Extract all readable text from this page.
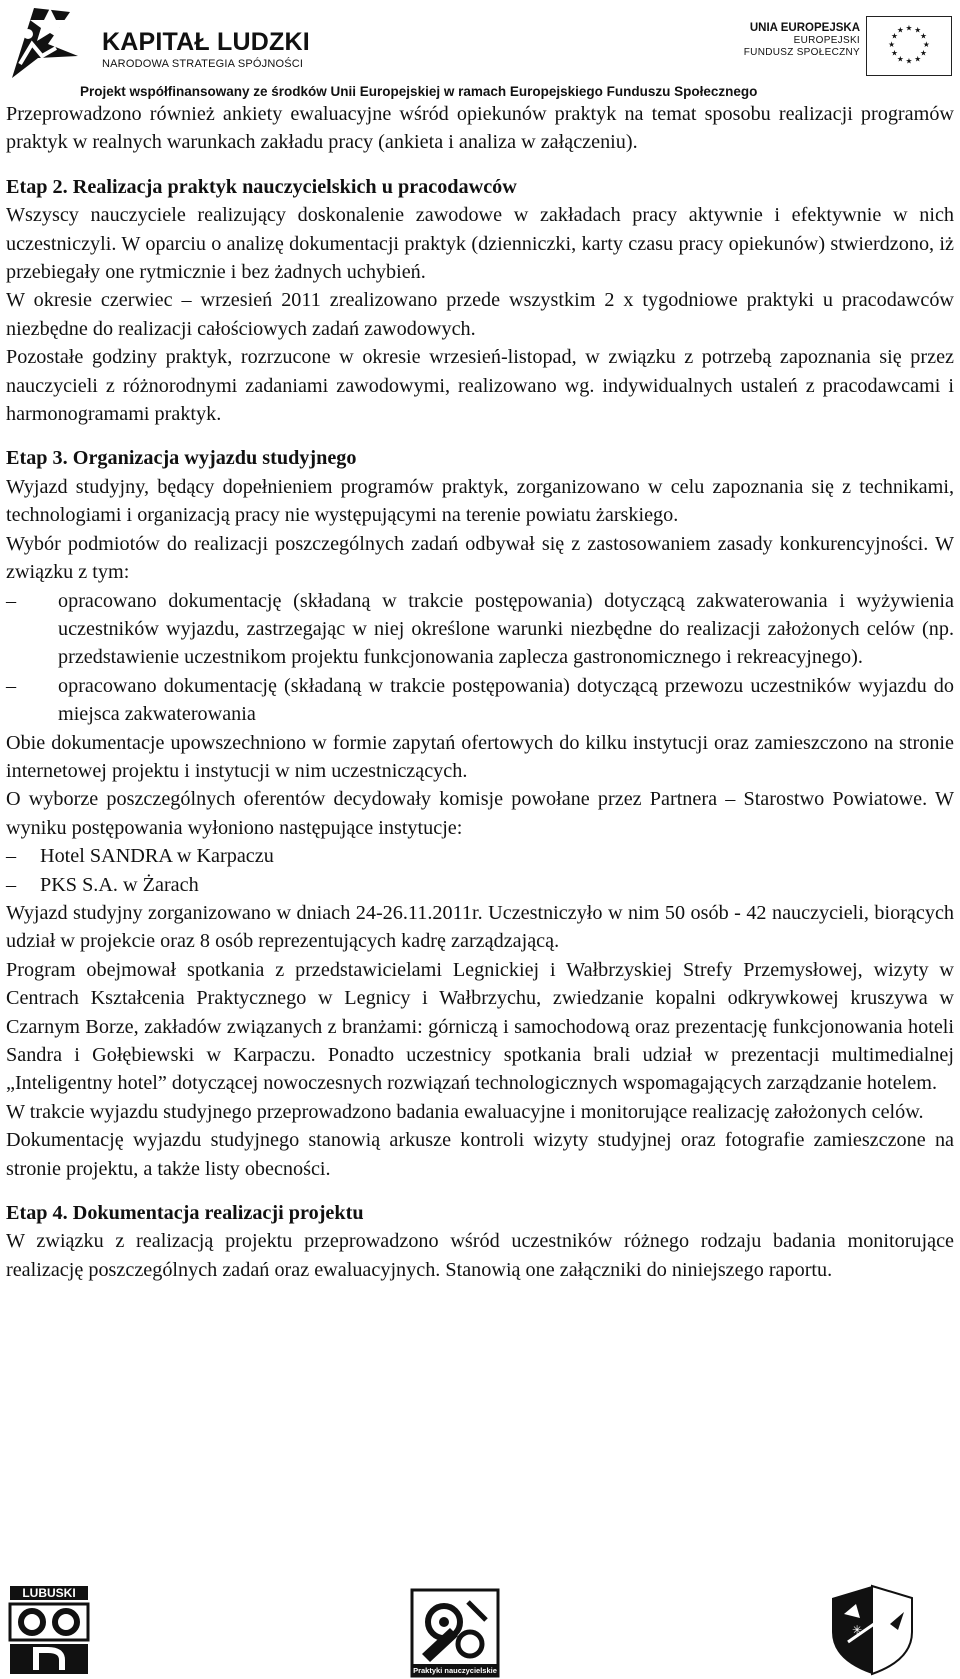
KAPITAŁ LUDZKI
NARODOWA STRATEGIA SPÓJNOŚCI
UNIA EUROPEJSKA
EUROPEJSKI
FUNDUSZ SPOŁECZNY
★ ★
★
★
★
★
★
★
★
★
★
★
Projekt współfinansowany ze środków Unii Europejskiej w ramach Europejskiego Funduszu Społecznego
Przeprowadzono również ankiety ewaluacyjne wśród opiekunów praktyk na temat sposobu realizacji programów praktyk w realnych warunkach zakładu pracy (ankieta i analiza w załączeniu).
Etap 2. Realizacja praktyk nauczycielskich u pracodawców
Wszyscy nauczyciele realizujący doskonalenie zawodowe w zakładach pracy aktywnie i efektywnie w nich uczestniczyli. W oparciu o analizę dokumentacji praktyk (dzienniczki, karty czasu pracy opiekunów) stwierdzono, iż przebiegały one rytmicznie i bez żadnych uchybień.
W okresie czerwiec – wrzesień 2011 zrealizowano przede wszystkim 2 x tygodniowe praktyki u pracodawców niezbędne do realizacji całościowych zadań zawodowych.
Pozostałe godziny praktyk, rozrzucone w okresie wrzesień-listopad, w związku z potrzebą zapoznania się przez nauczycieli z różnorodnymi zadaniami zawodowymi, realizowano wg. indywidualnych ustaleń z pracodawcami i harmonogramami praktyk.
Etap 3. Organizacja wyjazdu studyjnego
Wyjazd studyjny, będący dopełnieniem programów praktyk, zorganizowano w celu zapoznania się z technikami, technologiami i organizacją pracy nie występującymi na terenie powiatu żarskiego.
Wybór podmiotów do realizacji poszczególnych zadań odbywał się z zastosowaniem zasady konkurencyjności. W związku z tym:
–	opracowano dokumentację (składaną w trakcie postępowania) dotyczącą zakwaterowania i wyżywienia uczestników wyjazdu, zastrzegając w niej określone warunki niezbędne do realizacji założonych celów (np. przedstawienie uczestnikom projektu funkcjonowania zaplecza gastronomicznego i rekreacyjnego).
–	opracowano dokumentację (składaną w trakcie postępowania) dotyczącą przewozu uczestników wyjazdu do miejsca zakwaterowania
Obie dokumentacje upowszechniono w formie zapytań ofertowych do kilku instytucji oraz zamieszczono na stronie internetowej projektu i instytucji w nim uczestniczących.
O wyborze poszczególnych oferentów decydowały komisje powołane przez Partnera – Starostwo Powiatowe. W wyniku postępowania wyłoniono następujące instytucje:
–	Hotel SANDRA w Karpaczu
–	PKS S.A. w Żarach
Wyjazd studyjny zorganizowano w dniach 24-26.11.2011r. Uczestniczyło w nim 50 osób - 42 nauczycieli, biorących udział w projekcie oraz 8 osób reprezentujących kadrę zarządzającą.
Program obejmował spotkania z przedstawicielami Legnickiej i Wałbrzyskiej Strefy Przemysłowej, wizyty w Centrach Kształcenia Praktycznego w Legnicy i Wałbrzychu, zwiedzanie kopalni odkrywkowej kruszywa w Czarnym Borze, zakładów związanych z branżami: górniczą i samochodową oraz prezentację funkcjonowania hoteli Sandra i Gołębiewski w Karpaczu. Ponadto uczestnicy spotkania brali udział w prezentacji multimedialnej „Inteligentny hotel” dotyczącej nowoczesnych rozwiązań technologicznych wspomagających zarządzanie hotelem.
W trakcie wyjazdu studyjnego przeprowadzono badania ewaluacyjne i monitorujące realizację założonych celów.
Dokumentację wyjazdu studyjnego stanowią arkusze kontroli wizyty studyjnej oraz fotografie zamieszczone na stronie projektu, a także listy obecności.
Etap 4. Dokumentacja realizacji projektu
W związku z realizacją projektu przeprowadzono wśród uczestników różnego rodzaju badania monitorujące realizację poszczególnych zadań oraz ewaluacyjnych. Stanowią one załączniki do niniejszego raportu.
LUBUSKI
Praktyki nauczycielskie
✳
